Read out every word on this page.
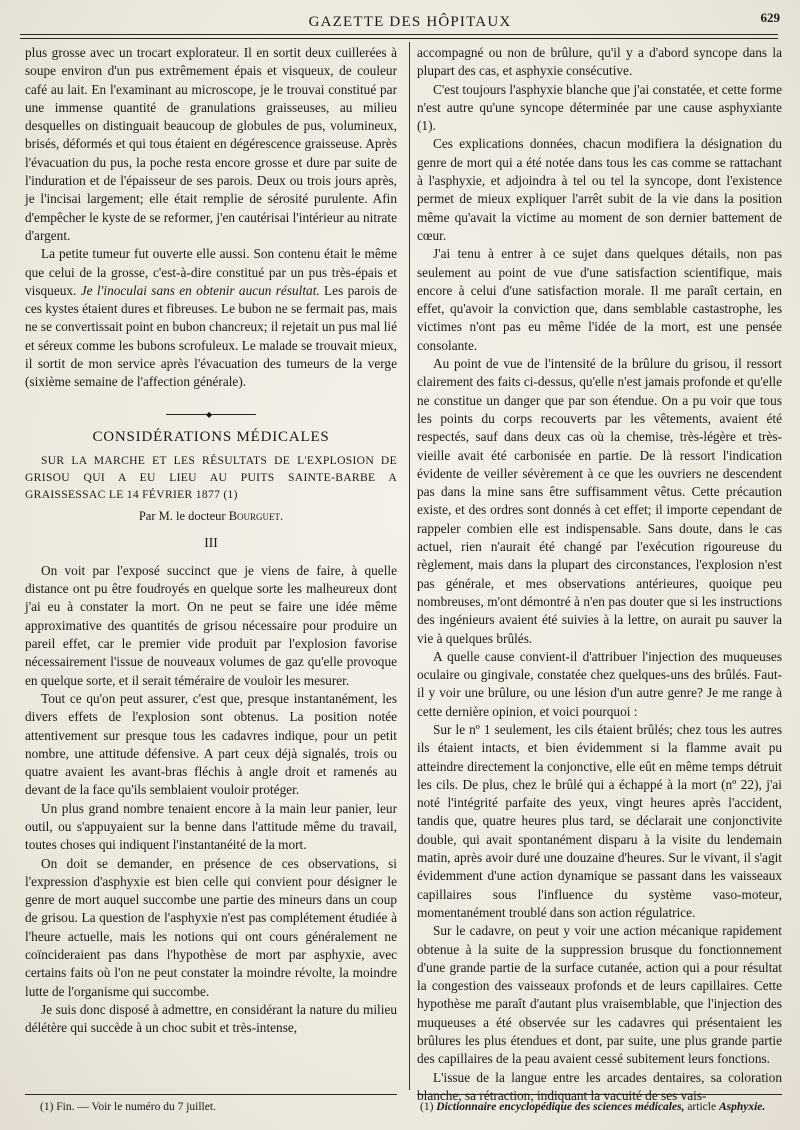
GAZETTE DES HÔPITAUX	629

plus grosse avec un trocart explorateur. Il en sortit deux cuillerées à soupe environ d'un pus extrêmement épais et visqueux, de couleur café au lait. En l'examinant au microscope, je le trouvai constitué par une immense quantité de granulations graisseuses, au milieu desquelles on distinguait beaucoup de globules de pus, volumineux, brisés, déformés et qui tous étaient en dégérescence graisseuse. Après l'évacuation du pus, la poche resta encore grosse et dure par suite de l'induration et de l'épaisseur de ses parois. Deux ou trois jours après, je l'incisai largement; elle était remplie de sérosité purulente. Afin d'empêcher le kyste de se reformer, j'en cautérisai l'intérieur au nitrate d'argent.

La petite tumeur fut ouverte elle aussi. Son contenu était le même que celui de la grosse, c'est-à-dire constitué par un pus très-épais et visqueux. Je l'inoculai sans en obtenir aucun résultat. Les parois de ces kystes étaient dures et fibreuses. Le bubon ne se fermait pas, mais ne se convertissait point en bubon chancreux; il rejetait un pus mal lié et séreux comme les bubons scrofuleux. Le malade se trouvait mieux, il sortit de mon service après l'évacuation des tumeurs de la verge (sixième semaine de l'affection générale).

◆
CONSIDÉRATIONS MÉDICALES

SUR LA MARCHE ET LES RÉSULTATS DE L'EXPLOSION DE GRISOU QUI A EU LIEU AU PUITS SAINTE-BARBE A GRAISSESSAC LE 14 FÉVRIER 1877 (1)

Par M. le docteur Bourguet.
III

On voit par l'exposé succinct que je viens de faire, à quelle distance ont pu être foudroyés en quelque sorte les malheureux dont j'ai eu à constater la mort. On ne peut se faire une idée même approximative des quantités de grisou nécessaire pour produire un pareil effet, car le premier vide produit par l'explosion favorise nécessairement l'issue de nouveaux volumes de gaz qu'elle provoque en quelque sorte, et il serait téméraire de vouloir les mesurer.

Tout ce qu'on peut assurer, c'est que, presque instantanément, les divers effets de l'explosion sont obtenus. La position notée attentivement sur presque tous les cadavres indique, pour un petit nombre, une attitude défensive. A part ceux déjà signalés, trois ou quatre avaient les avant-bras fléchis à angle droit et ramenés au devant de la face qu'ils semblaient vouloir protéger.

Un plus grand nombre tenaient encore à la main leur panier, leur outil, ou s'appuyaient sur la benne dans l'attitude même du travail, toutes choses qui indiquent l'instantanéité de la mort.

On doit se demander, en présence de ces observations, si l'expression d'asphyxie est bien celle qui convient pour désigner le genre de mort auquel succombe une partie des mineurs dans un coup de grisou. La question de l'asphyxie n'est pas complétement étudiée à l'heure actuelle, mais les notions qui ont cours généralement ne coïncideraient pas dans l'hypothèse de mort par asphyxie, avec certains faits où l'on ne peut constater la moindre révolte, la moindre lutte de l'organisme qui succombe.

Je suis donc disposé à admettre, en considérant la nature du milieu délétère qui succède à un choc subit et très-intense,

accompagné ou non de brûlure, qu'il y a d'abord syncope dans la plupart des cas, et asphyxie consécutive.

C'est toujours l'asphyxie blanche que j'ai constatée, et cette forme n'est autre qu'une syncope déterminée par une cause asphyxiante (1).

Ces explications données, chacun modifiera la désignation du genre de mort qui a été notée dans tous les cas comme se rattachant à l'asphyxie, et adjoindra à tel ou tel la syncope, dont l'existence permet de mieux expliquer l'arrêt subit de la vie dans la position même qu'avait la victime au moment de son dernier battement de cœur.

J'ai tenu à entrer à ce sujet dans quelques détails, non pas seulement au point de vue d'une satisfaction scientifique, mais encore à celui d'une satisfaction morale. Il me paraît certain, en effet, qu'avoir la conviction que, dans semblable castastrophe, les victimes n'ont pas eu même l'idée de la mort, est une pensée consolante.

Au point de vue de l'intensité de la brûlure du grisou, il ressort clairement des faits ci-dessus, qu'elle n'est jamais profonde et qu'elle ne constitue un danger que par son étendue. On a pu voir que tous les points du corps recouverts par les vêtements, avaient été respectés, sauf dans deux cas où la chemise, très-légère et très-vieille avait été carbonisée en partie. De là ressort l'indication évidente de veiller sévèrement à ce que les ouvriers ne descendent pas dans la mine sans être suffisamment vêtus. Cette précaution existe, et des ordres sont donnés à cet effet; il importe cependant de rappeler combien elle est indispensable. Sans doute, dans le cas actuel, rien n'aurait été changé par l'exécution rigoureuse du règlement, mais dans la plupart des circonstances, l'explosion n'est pas générale, et mes observations antérieures, quoique peu nombreuses, m'ont démontré à n'en pas douter que si les instructions des ingénieurs avaient été suivies à la lettre, on aurait pu sauver la vie à quelques brûlés.

A quelle cause convient-il d'attribuer l'injection des muqueuses oculaire ou gingivale, constatée chez quelques-uns des brûlés. Faut-il y voir une brûlure, ou une lésion d'un autre genre? Je me range à cette dernière opinion, et voici pourquoi :

Sur le nº 1 seulement, les cils étaient brûlés; chez tous les autres ils étaient intacts, et bien évidemment si la flamme avait pu atteindre directement la conjonctive, elle eût en même temps détruit les cils. De plus, chez le brûlé qui a échappé à la mort (nº 22), j'ai noté l'intégrité parfaite des yeux, vingt heures après l'accident, tandis que, quatre heures plus tard, se déclarait une conjonctivite double, qui avait spontanément disparu à la visite du lendemain matin, après avoir duré une douzaine d'heures. Sur le vivant, il s'agit évidemment d'une action dynamique se passant dans les vaisseaux capillaires sous l'influence du système vaso-moteur, momentanément troublé dans son action régulatrice.

Sur le cadavre, on peut y voir une action mécanique rapidement obtenue à la suite de la suppression brusque du fonctionnement d'une grande partie de la surface cutanée, action qui a pour résultat la congestion des vaisseaux profonds et de leurs capillaires. Cette hypothèse me paraît d'autant plus vraisemblable, que l'injection des muqueuses a été observée sur les cadavres qui présentaient les brûlures les plus étendues et dont, par suite, une plus grande partie des capillaires de la peau avaient cessé subitement leurs fonctions.

L'issue de la langue entre les arcades dentaires, sa coloration blanche, sa rétraction, indiquant la vacuité de ses vais-

(1) Fin. — Voir le numéro du 7 juillet.	(1) Dictionnaire encyclopédique des sciences médicales, article Asphyxie.
